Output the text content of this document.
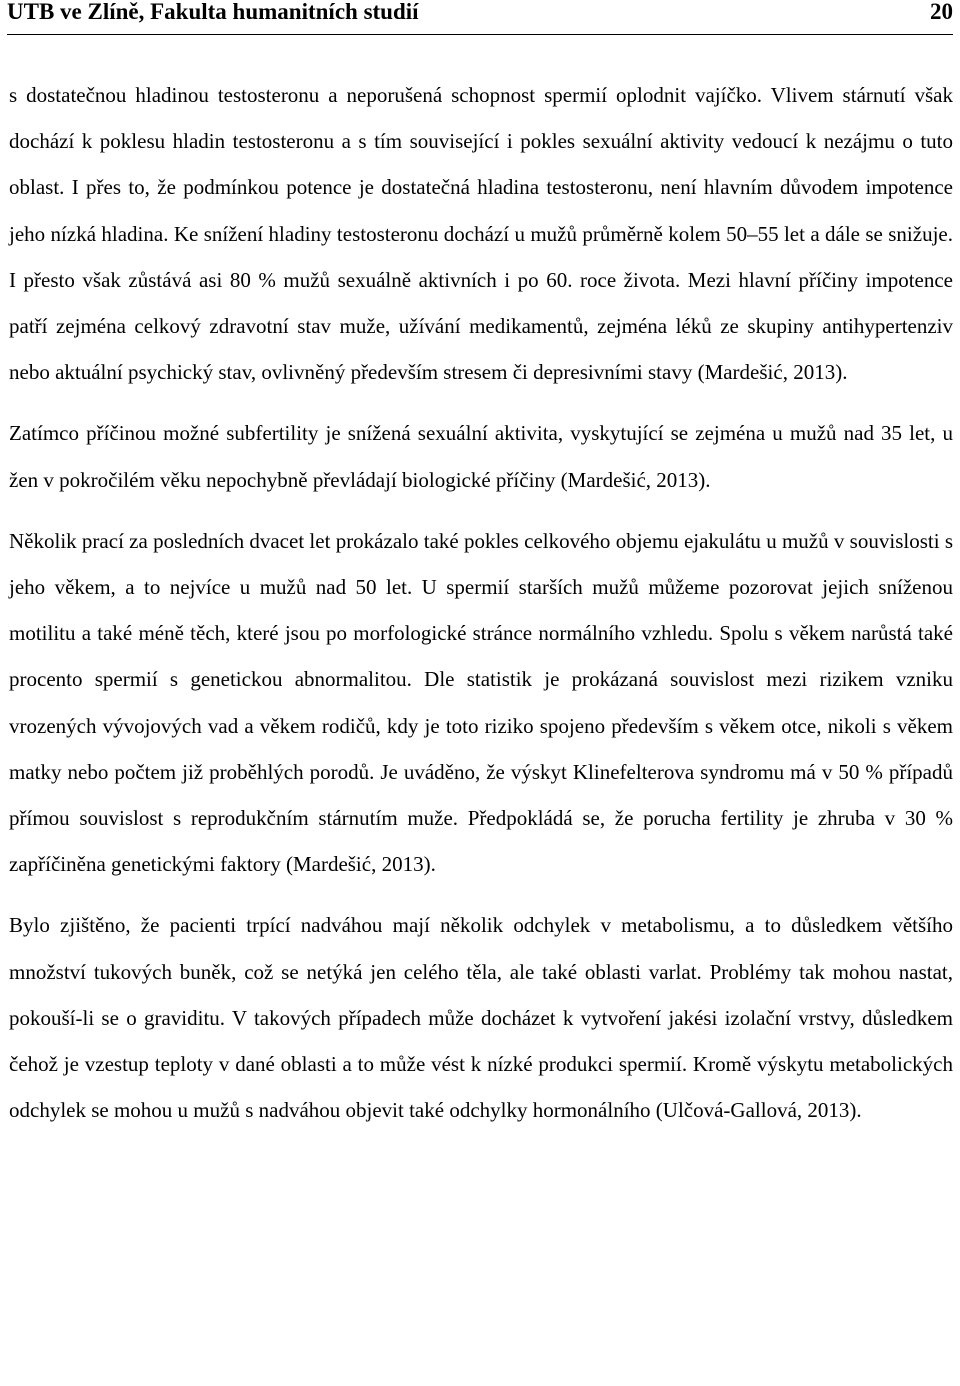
UTB ve Zlíně, Fakulta humanitních studií	20

s dostatečnou hladinou testosteronu a neporušená schopnost spermií oplodnit vajíčko. Vlivem stárnutí však dochází k poklesu hladin testosteronu a s tím související i pokles sexuální aktivity vedoucí k nezájmu o tuto oblast. I přes to, že podmínkou potence je dostatečná hladina testosteronu, není hlavním důvodem impotence jeho nízká hladina. Ke snížení hladiny testosteronu dochází u mužů průměrně kolem 50–55 let a dále se snižuje. I přesto však zůstává asi 80 % mužů sexuálně aktivních i po 60. roce života. Mezi hlavní příčiny impotence patří zejména celkový zdravotní stav muže, užívání medikamentů, zejména léků ze skupiny antihypertenziv nebo aktuální psychický stav, ovlivněný především stresem či depresivními stavy (Mardešić, 2013).

Zatímco příčinou možné subfertility je snížená sexuální aktivita, vyskytující se zejména u mužů nad 35 let, u žen v pokročilém věku nepochybně převládají biologické příčiny (Mardešić, 2013).

Několik prací za posledních dvacet let prokázalo také pokles celkového objemu ejakulátu u mužů v souvislosti s jeho věkem, a to nejvíce u mužů nad 50 let. U spermií starších mužů můžeme pozorovat jejich sníženou motilitu a také méně těch, které jsou po morfologické stránce normálního vzhledu. Spolu s věkem narůstá také procento spermií s genetickou abnormalitou. Dle statistik je prokázaná souvislost mezi rizikem vzniku vrozených vývojových vad a věkem rodičů, kdy je toto riziko spojeno především s věkem otce, nikoli s věkem matky nebo počtem již proběhlých porodů. Je uváděno, že výskyt Klinefelterova syndromu má v 50 % případů přímou souvislost s reprodukčním stárnutím muže. Předpokládá se, že porucha fertility je zhruba v 30 % zapříčiněna genetickými faktory (Mardešić, 2013).

Bylo zjištěno, že pacienti trpící nadváhou mají několik odchylek v metabolismu, a to důsledkem většího množství tukových buněk, což se netýká jen celého těla, ale také oblasti varlat. Problémy tak mohou nastat, pokouší-li se o graviditu. V takových případech může docházet k vytvoření jakési izolační vrstvy, důsledkem čehož je vzestup teploty v dané oblasti a to může vést k nízké produkci spermií. Kromě výskytu metabolických odchylek se mohou u mužů s nadváhou objevit také odchylky hormonálního (Ulčová-Gallová, 2013).
